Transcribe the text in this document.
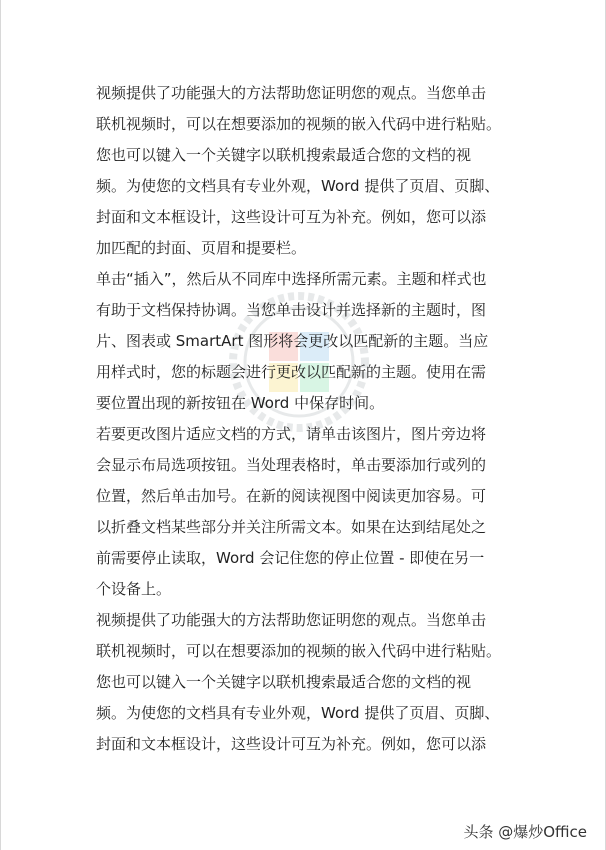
视频提供了功能强大的方法帮助您证明您的观点。当您单击
联机视频时，可以在想要添加的视频的嵌入代码中进行粘贴。
您也可以键入一个关键字以联机搜索最适合您的文档的视
频。为使您的文档具有专业外观，Word 提供了页眉、页脚、
封面和文本框设计，这些设计可互为补充。例如，您可以添
加匹配的封面、页眉和提要栏。
单击“插入”，然后从不同库中选择所需元素。主题和样式也
有助于文档保持协调。当您单击设计并选择新的主题时，图
片、图表或 SmartArt 图形将会更改以匹配新的主题。当应
用样式时，您的标题会进行更改以匹配新的主题。使用在需
要位置出现的新按钮在 Word 中保存时间。
若要更改图片适应文档的方式，请单击该图片，图片旁边将
会显示布局选项按钮。当处理表格时，单击要添加行或列的
位置，然后单击加号。在新的阅读视图中阅读更加容易。可
以折叠文档某些部分并关注所需文本。如果在达到结尾处之
前需要停止读取，Word 会记住您的停止位置 - 即使在另一
个设备上。
视频提供了功能强大的方法帮助您证明您的观点。当您单击
联机视频时，可以在想要添加的视频的嵌入代码中进行粘贴。
您也可以键入一个关键字以联机搜索最适合您的文档的视
频。为使您的文档具有专业外观，Word 提供了页眉、页脚、
封面和文本框设计，这些设计可互为补充。例如，您可以添
头条 @爆炒Office
